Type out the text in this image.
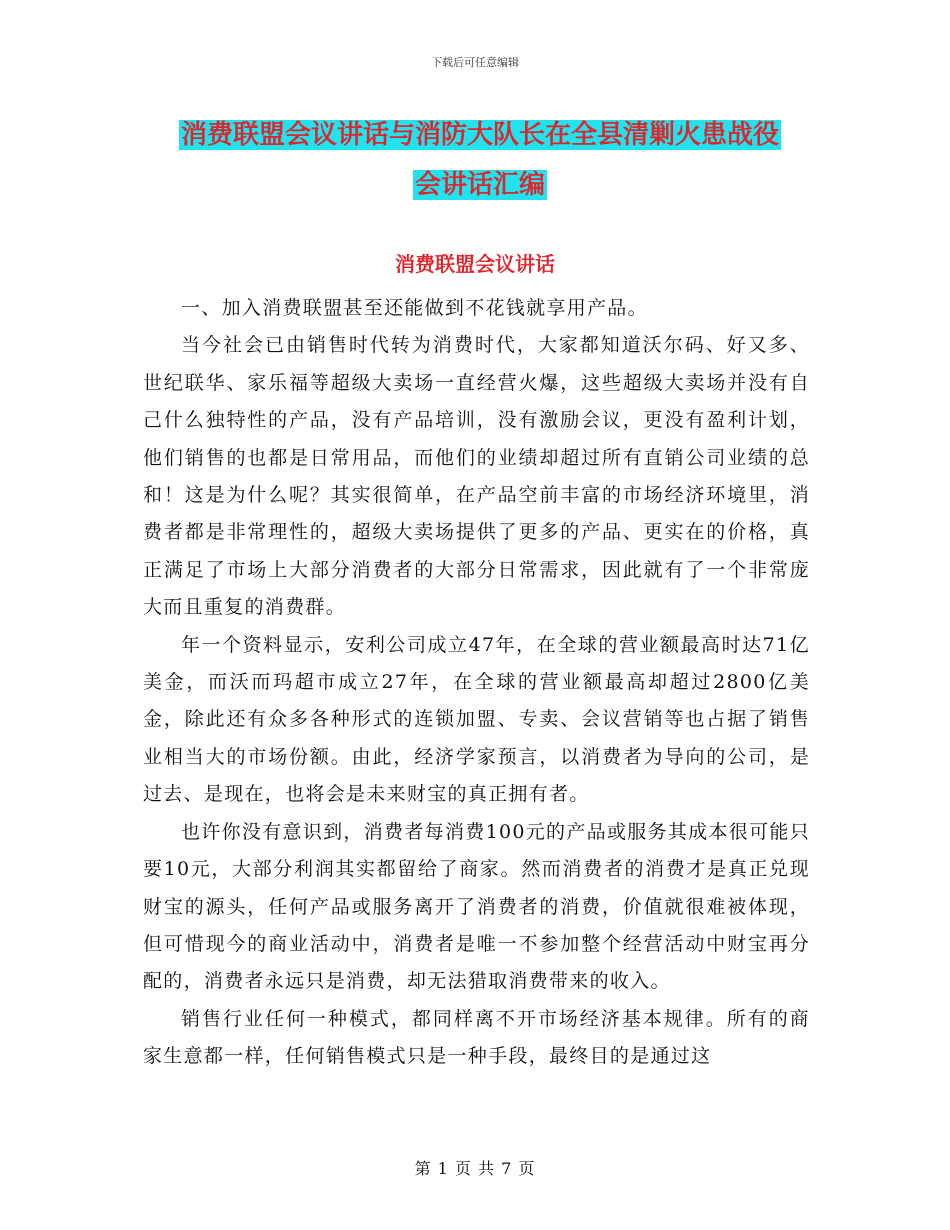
下载后可任意编辑
消费联盟会议讲话与消防大队长在全县清剿火患战役
会讲话汇编
消费联盟会议讲话

一、加入消费联盟甚至还能做到不花钱就享用产品。

当今社会已由销售时代转为消费时代，大家都知道沃尔码、好又多、世纪联华、家乐福等超级大卖场一直经营火爆，这些超级大卖场并没有自己什么独特性的产品，没有产品培训，没有激励会议，更没有盈利计划，他们销售的也都是日常用品，而他们的业绩却超过所有直销公司业绩的总和！这是为什么呢？其实很简单，在产品空前丰富的市场经济环境里，消费者都是非常理性的，超级大卖场提供了更多的产品、更实在的价格，真正满足了市场上大部分消费者的大部分日常需求，因此就有了一个非常庞大而且重复的消费群。

年一个资料显示，安利公司成立47年，在全球的营业额最高时达71亿美金，而沃而玛超市成立27年，在全球的营业额最高却超过2800亿美金，除此还有众多各种形式的连锁加盟、专卖、会议营销等也占据了销售业相当大的市场份额。由此，经济学家预言，以消费者为导向的公司，是过去、是现在，也将会是未来财宝的真正拥有者。

也许你没有意识到，消费者每消费100元的产品或服务其成本很可能只要10元，大部分利润其实都留给了商家。然而消费者的消费才是真正兑现财宝的源头，任何产品或服务离开了消费者的消费，价值就很难被体现，但可惜现今的商业活动中，消费者是唯一不参加整个经营活动中财宝再分配的，消费者永远只是消费，却无法猎取消费带来的收入。

销售行业任何一种模式，都同样离不开市场经济基本规律。所有的商家生意都一样，任何销售模式只是一种手段，最终目的是通过这

第 1 页 共 7 页
